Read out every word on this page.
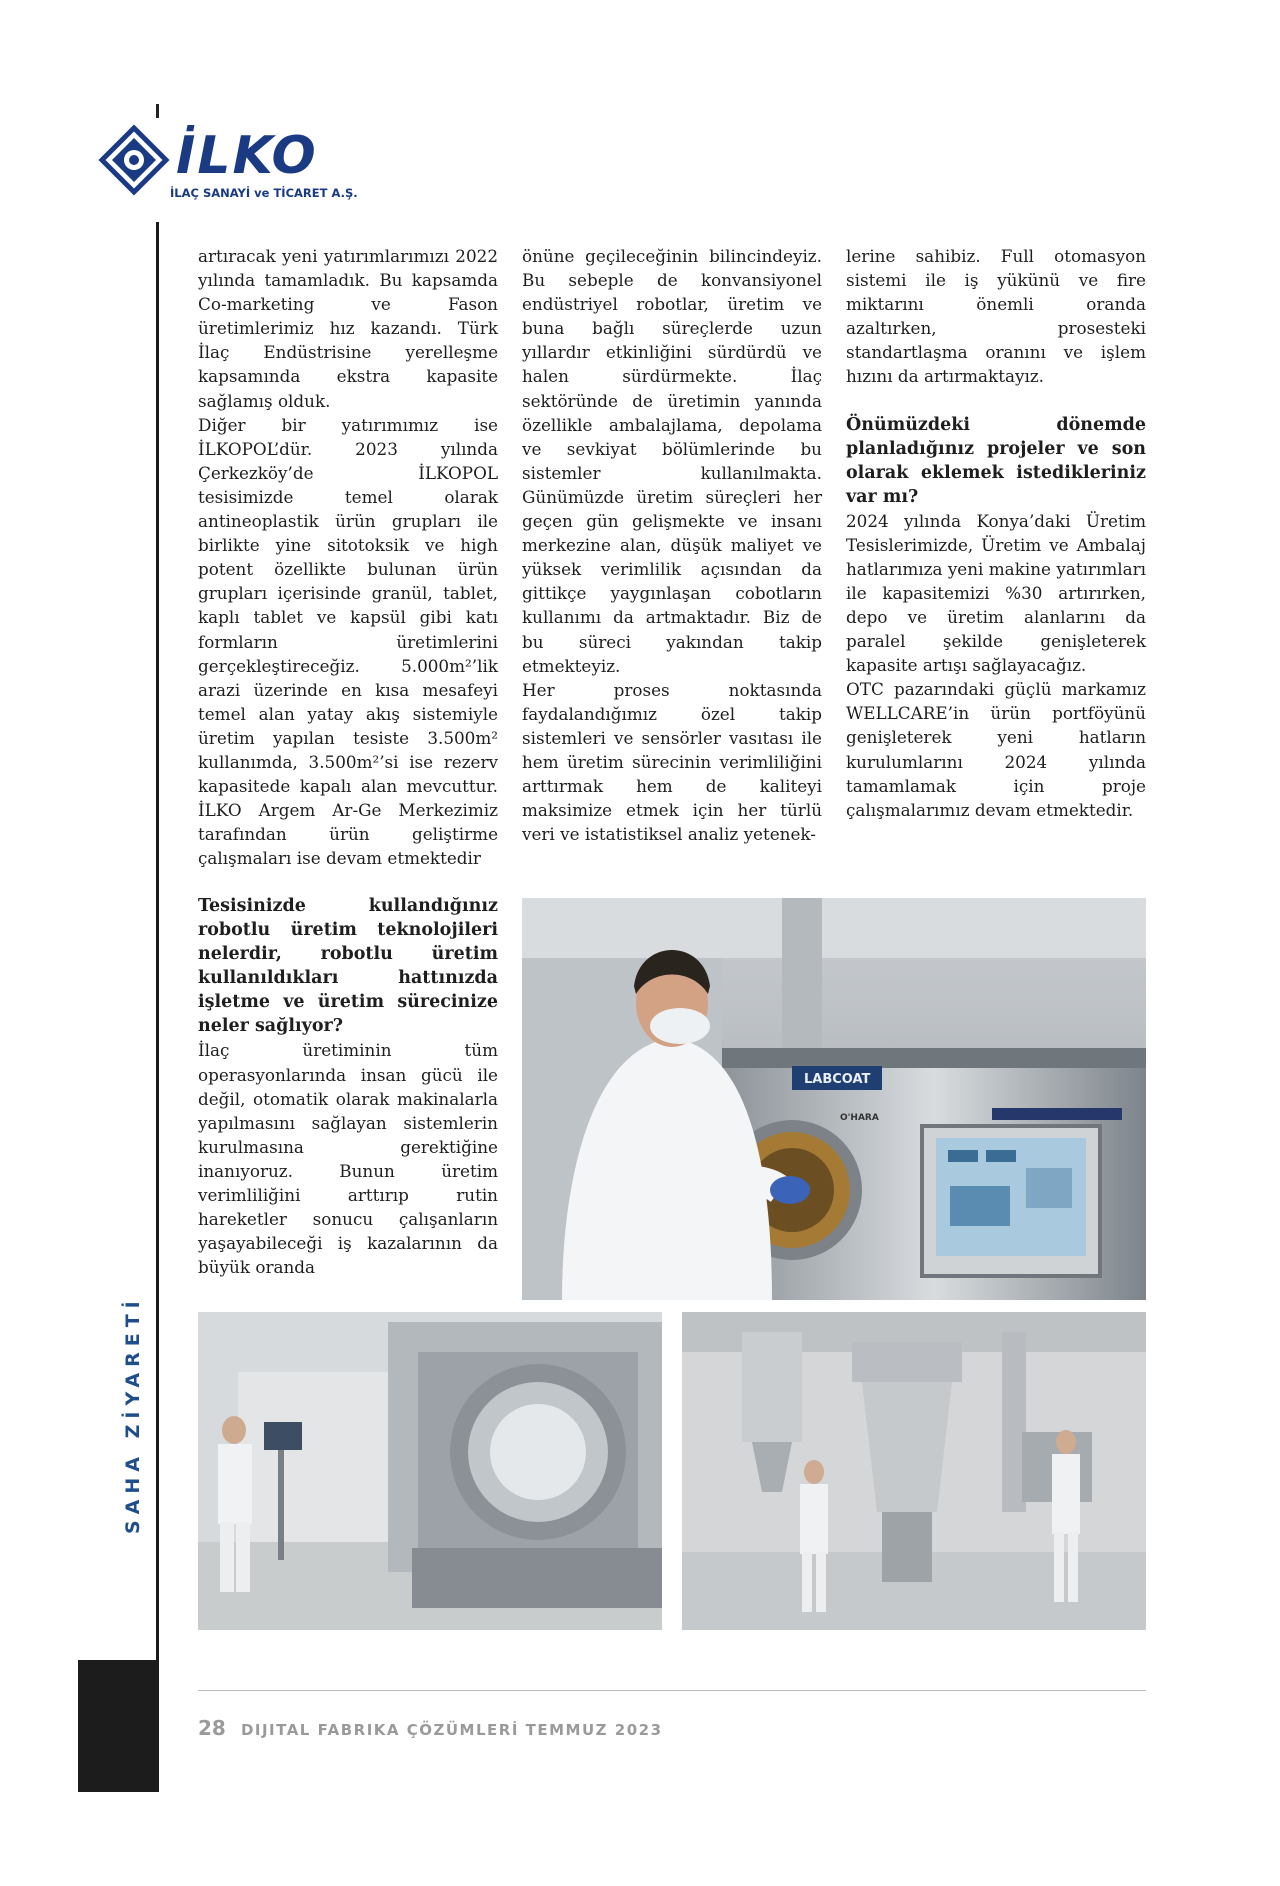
İLKO
İLAÇ SANAYİ ve TİCARET A.Ş.
SAHA ZİYARETİ

artıracak yeni yatırımlarımızı 2022 yılında tamamladık. Bu kapsamda Co-marketing ve Fason üretimlerimiz hız kazandı. Türk İlaç Endüstrisine yerelleşme kapsamında ekstra kapasite sağlamış olduk.

Diğer bir yatırımımız ise İLKOPOL’dür. 2023 yılında Çerkezköy’de İLKOPOL tesisimizde temel olarak antineoplastik ürün grupları ile birlikte yine sitotoksik ve high potent özellikte bulunan ürün grupları içerisinde granül, tablet, kaplı tablet ve kapsül gibi katı formların üretimlerini gerçekleştireceğiz. 5.000m²’lik arazi üzerinde en kısa mesafeyi temel alan yatay akış sistemiyle üretim yapılan tesiste 3.500m² kullanımda, 3.500m²’si ise rezerv kapasitede kapalı alan mevcuttur. İLKO Argem Ar-Ge Merkezimiz tarafından ürün geliştirme çalışmaları ise devam etmektedir

Tesisinizde kullandığınız robotlu üretim teknolojileri nelerdir, robotlu üretim kullanıldıkları hattınızda işletme ve üretim sürecinize neler sağlıyor?

İlaç üretiminin tüm operasyonlarında insan gücü ile değil, otomatik olarak makinalarla yapılmasını sağlayan sistemlerin kurulmasına gerektiğine inanıyoruz. Bunun üretim verimliliğini arttırıp rutin hareketler sonucu çalışanların yaşayabileceği iş kazalarının da büyük oranda

önüne geçileceğinin bilincindeyiz. Bu sebeple de konvansiyonel endüstriyel robotlar, üretim ve buna bağlı süreçlerde uzun yıllardır etkinliğini sürdürdü ve halen sürdürmekte. İlaç sektöründe de üretimin yanında özellikle ambalajlama, depolama ve sevkiyat bölümlerinde bu sistemler kullanılmakta. Günümüzde üretim süreçleri her geçen gün gelişmekte ve insanı merkezine alan, düşük maliyet ve yüksek verimlilik açısından da gittikçe yaygınlaşan cobotların kullanımı da artmaktadır. Biz de bu süreci yakından takip etmekteyiz.

Her proses noktasında faydalandığımız özel takip sistemleri ve sensörler vasıtası ile hem üretim sürecinin verimliliğini arttırmak hem de kaliteyi maksimize etmek için her türlü veri ve istatistiksel analiz yetenek-

lerine sahibiz. Full otomasyon sistemi ile iş yükünü ve fire miktarını önemli oranda azaltırken, prosesteki standartlaşma oranını ve işlem hızını da artırmaktayız.

Önümüzdeki dönemde planladığınız projeler ve son olarak eklemek istedikleriniz var mı?

2024 yılında Konya’daki Üretim Tesislerimizde, Üretim ve Ambalaj hatlarımıza yeni makine yatırımları ile kapasitemizi %30 artırırken, depo ve üretim alanlarını da paralel şekilde genişleterek kapasite artışı sağlayacağız.

OTC pazarındaki güçlü markamız WELLCARE’in ürün portföyünü genişleterek yeni hatların kurulumlarını 2024 yılında tamamlamak için proje çalışmalarımız devam etmektedir.

LABCOAT
O'HARA
28 DIJITAL FABRIKA ÇÖZÜMLERİ TEMMUZ 2023
